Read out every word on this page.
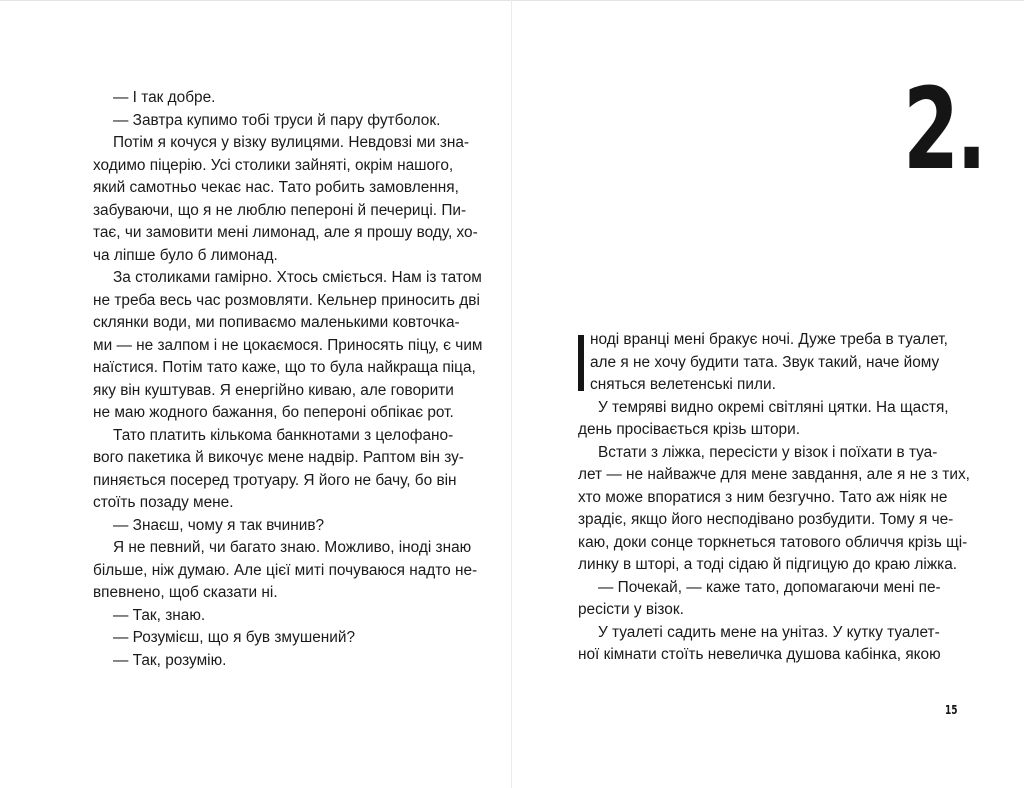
— І так добре.

— Завтра купимо тобі труси й пару футболок.

Потім я кочуся у візку вулицями. Невдовзі ми зна-
ходимо піцерію. Усі столики зайняті, окрім нашого,
який самотньо чекає нас. Тато робить замовлення,
забуваючи, що я не люблю пепероні й печериці. Пи-
тає, чи замовити мені лимонад, але я прошу воду, хо-
ча ліпше було б лимонад.

За столиками гамірно. Хтось сміється. Нам із татом
не треба весь час розмовляти. Кельнер приносить дві
склянки води, ми попиваємо маленькими ковточка-
ми — не залпом і не цокаємося. Приносять піцу, є чим
наїстися. Потім тато каже, що то була найкраща піца,
яку він куштував. Я енергійно киваю, але говорити
не маю жодного бажання, бо пепероні обпікає рот.

Тато платить кількома банкнотами з целофано-
вого пакетика й викочує мене надвір. Раптом він зу-
пиняється посеред тротуару. Я його не бачу, бо він
стоїть позаду мене.

— Знаєш, чому я так вчинив?

Я не певний, чи багато знаю. Можливо, іноді знаю
більше, ніж думаю. Але цієї миті почуваюся надто не-
впевнено, щоб сказати ні.

— Так, знаю.

— Розумієш, що я був змушений?

— Так, розумію.

2.

ноді вранці мені бракує ночі. Дуже треба в туалет,
але я не хочу будити тата. Звук такий, наче йому
сняться велетенські пили.

У темряві видно окремі світляні цятки. На щастя,
день просівається крізь штори.

Встати з ліжка, пересісти у візок і поїхати в туа-
лет — не найважче для мене завдання, але я не з тих,
хто може впоратися з ним безгучно. Тато аж ніяк не
зрадіє, якщо його несподівано розбудити. Тому я че-
каю, доки сонце торкнеться татового обличчя крізь щі-
линку в шторі, а тоді сідаю й підгицую до краю ліжка.

— Почекай, — каже тато, допомагаючи мені пе-
ресісти у візок.

У туалеті садить мене на унітаз. У кутку туалет-
ної кімнати стоїть невеличка душова кабінка, якою

15
